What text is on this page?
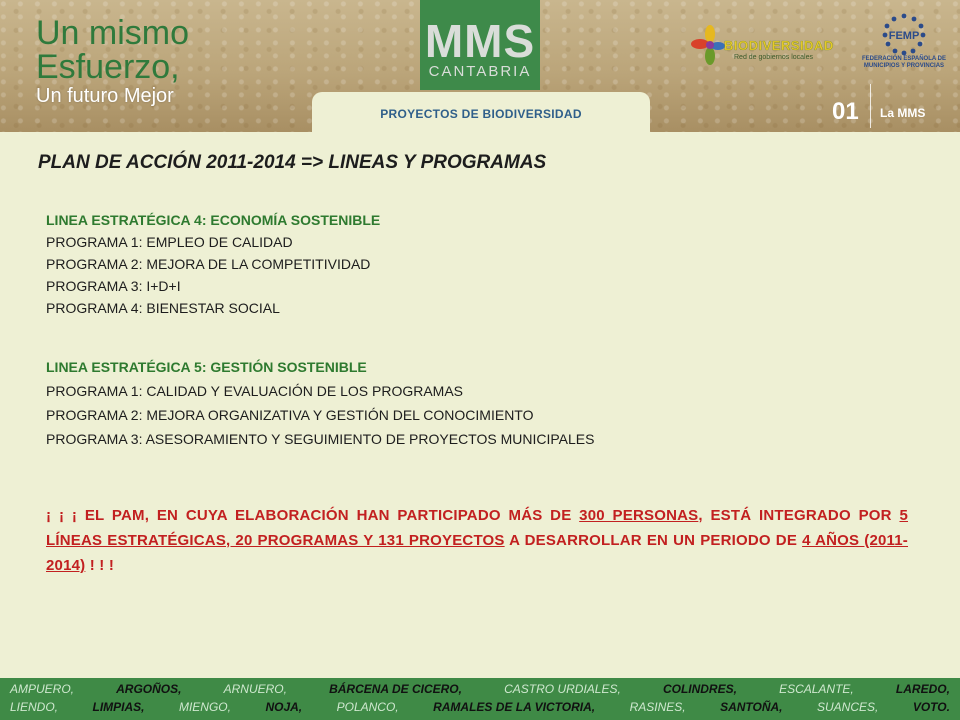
Un mismo
Esfuerzo,
Un futuro Mejor
MMS
CANTABRIA
BIODIVERSIDAD
Red de gobiernos locales
FEMP
FEDERACIÓN ESPAÑOLA DE
MUNICIPIOS Y PROVINCIAS
PROYECTOS DE BIODIVERSIDAD	01 La MMS
PLAN DE ACCIÓN 2011-2014 => LINEAS Y PROGRAMAS
LINEA ESTRATÉGICA 4: ECONOMÍA SOSTENIBLE
PROGRAMA 1: EMPLEO DE CALIDAD
PROGRAMA 2: MEJORA DE LA COMPETITIVIDAD
PROGRAMA 3: I+D+I
PROGRAMA 4: BIENESTAR SOCIAL
LINEA ESTRATÉGICA 5: GESTIÓN SOSTENIBLE
PROGRAMA 1: CALIDAD Y EVALUACIÓN DE LOS PROGRAMAS
PROGRAMA 2: MEJORA ORGANIZATIVA Y GESTIÓN DEL CONOCIMIENTO
PROGRAMA 3: ASESORAMIENTO Y SEGUIMIENTO DE PROYECTOS MUNICIPALES
¡ ¡ ¡ EL PAM, EN CUYA ELABORACIÓN HAN PARTICIPADO MÁS DE 300 PERSONAS, ESTÁ INTEGRADO POR 5 LÍNEAS ESTRATÉGICAS, 20 PROGRAMAS Y 131 PROYECTOS A DESARROLLAR EN UN PERIODO DE 4 AÑOS (2011-2014) ! ! !
AMPUERO,	ARGOÑOS,	ARNUERO,	BÁRCENA DE CICERO,	CASTRO URDIALES,	COLINDRES,	ESCALANTE,	LAREDO,
LIENDO,	LIMPIAS,	MIENGO,	NOJA,	POLANCO,	RAMALES DE LA VICTORIA,	RASINES,	SANTOÑA,	SUANCES,	VOTO.
